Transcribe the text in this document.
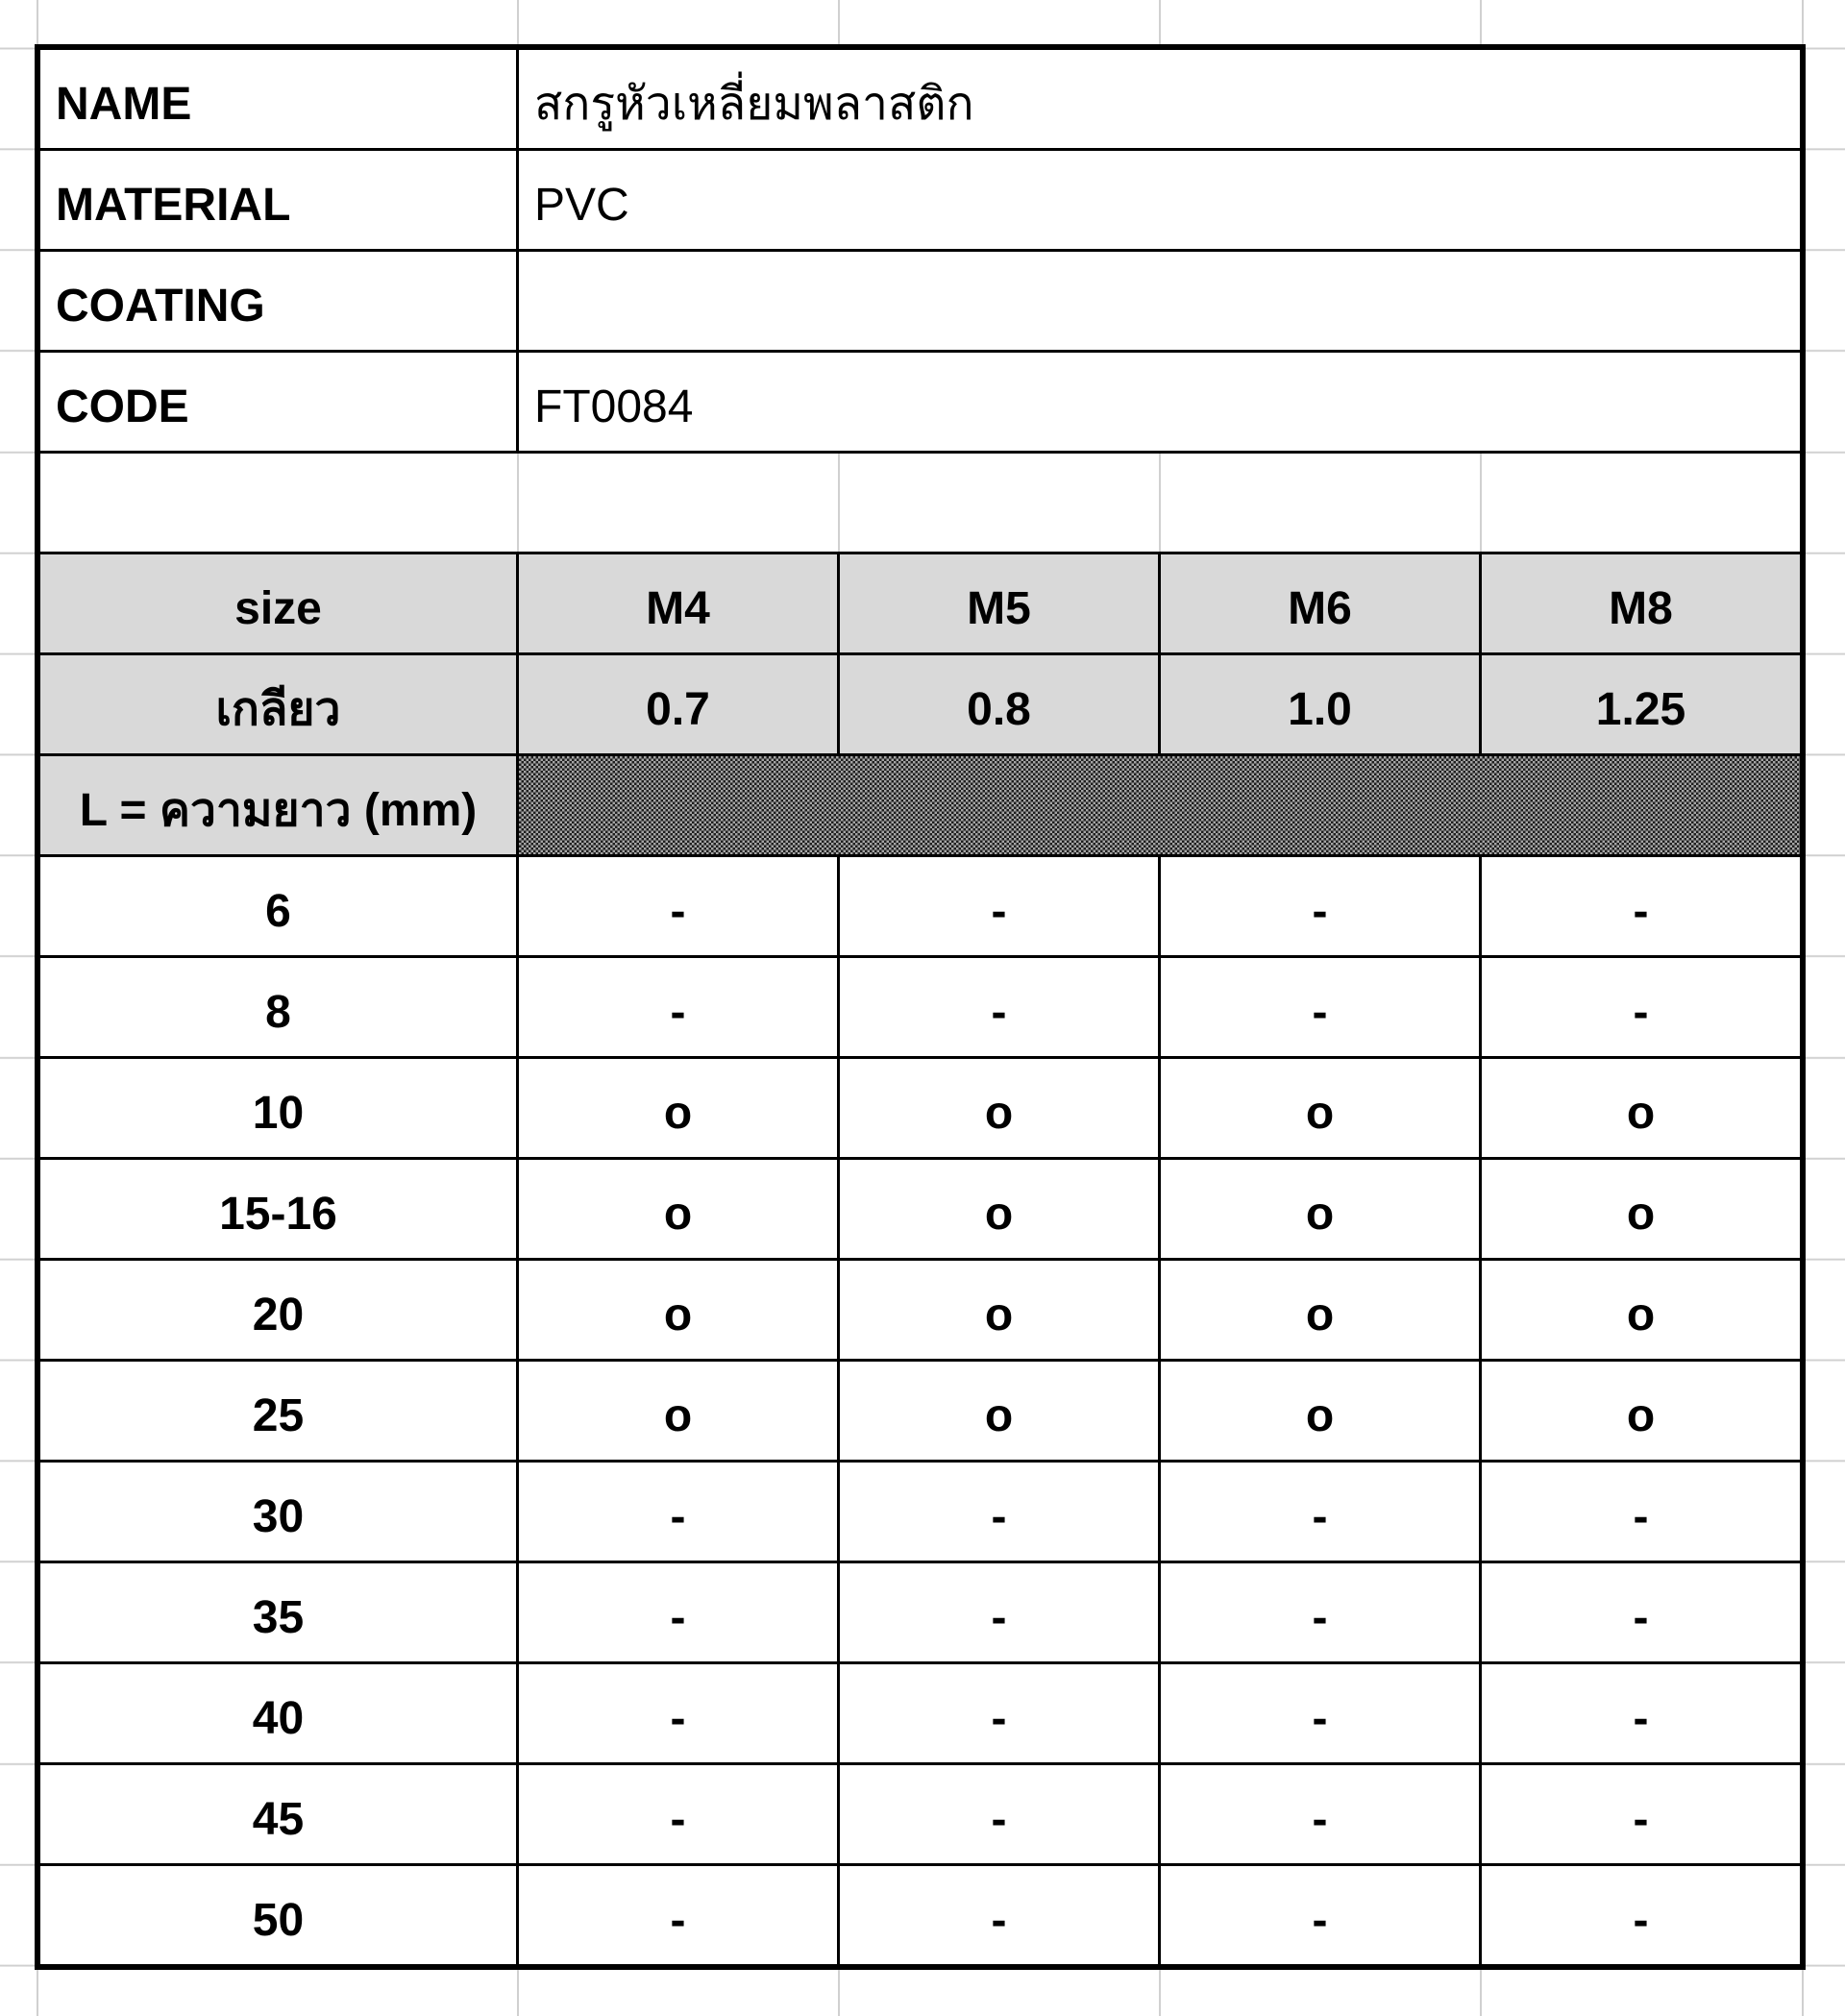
NAME	สกรูหัวเหลี่ยมพลาสติก
MATERIAL	PVC
COATING
CODE	FT0084
size	M4	M5	M6	M8
เกลียว	0.7	0.8	1.0	1.25
L = ความยาว (mm)
6	-	-	-	-
8	-	-	-	-
10	o	o	o	o
15-16	o	o	o	o
20	o	o	o	o
25	o	o	o	o
30	-	-	-	-
35	-	-	-	-
40	-	-	-	-
45	-	-	-	-
50	-	-	-	-
